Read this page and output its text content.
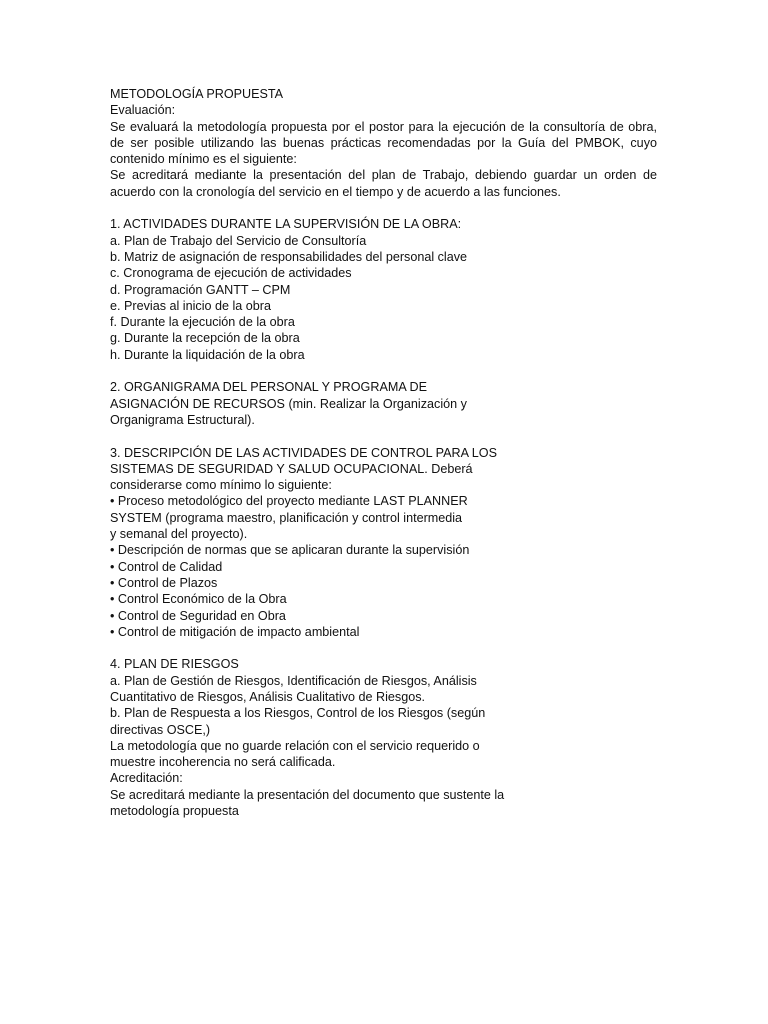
METODOLOGÍA PROPUESTA
Evaluación:
Se evaluará la metodología propuesta por el postor para la ejecución de la consultoría de obra, de ser posible utilizando las buenas prácticas recomendadas por la Guía del PMBOK, cuyo contenido mínimo es el siguiente:
Se acreditará mediante la presentación del plan de Trabajo, debiendo guardar un orden de acuerdo con la cronología del servicio en el tiempo y de acuerdo a las funciones.
1. ACTIVIDADES DURANTE LA SUPERVISIÓN DE LA OBRA:
a. Plan de Trabajo del Servicio de Consultoría
b. Matriz de asignación de responsabilidades del personal clave
c. Cronograma de ejecución de actividades
d. Programación GANTT – CPM
e. Previas al inicio de la obra
f. Durante la ejecución de la obra
g. Durante la recepción de la obra
h. Durante la liquidación de la obra
2. ORGANIGRAMA DEL PERSONAL Y PROGRAMA DE
ASIGNACIÓN DE RECURSOS (min. Realizar la Organización y
Organigrama Estructural).
3. DESCRIPCIÓN DE LAS ACTIVIDADES DE CONTROL PARA LOS
SISTEMAS DE SEGURIDAD Y SALUD OCUPACIONAL. Deberá
considerarse como mínimo lo siguiente:
• Proceso metodológico del proyecto mediante LAST PLANNER
SYSTEM (programa maestro, planificación y control intermedia
y semanal del proyecto).
• Descripción de normas que se aplicaran durante la supervisión
• Control de Calidad
• Control de Plazos
• Control Económico de la Obra
• Control de Seguridad en Obra
• Control de mitigación de impacto ambiental
4. PLAN DE RIESGOS
a. Plan de Gestión de Riesgos, Identificación de Riesgos, Análisis
Cuantitativo de Riesgos, Análisis Cualitativo de Riesgos.
b. Plan de Respuesta a los Riesgos, Control de los Riesgos (según
directivas OSCE,)
La metodología que no guarde relación con el servicio requerido o
muestre incoherencia no será calificada.
Acreditación:
Se acreditará mediante la presentación del documento que sustente la
metodología propuesta
